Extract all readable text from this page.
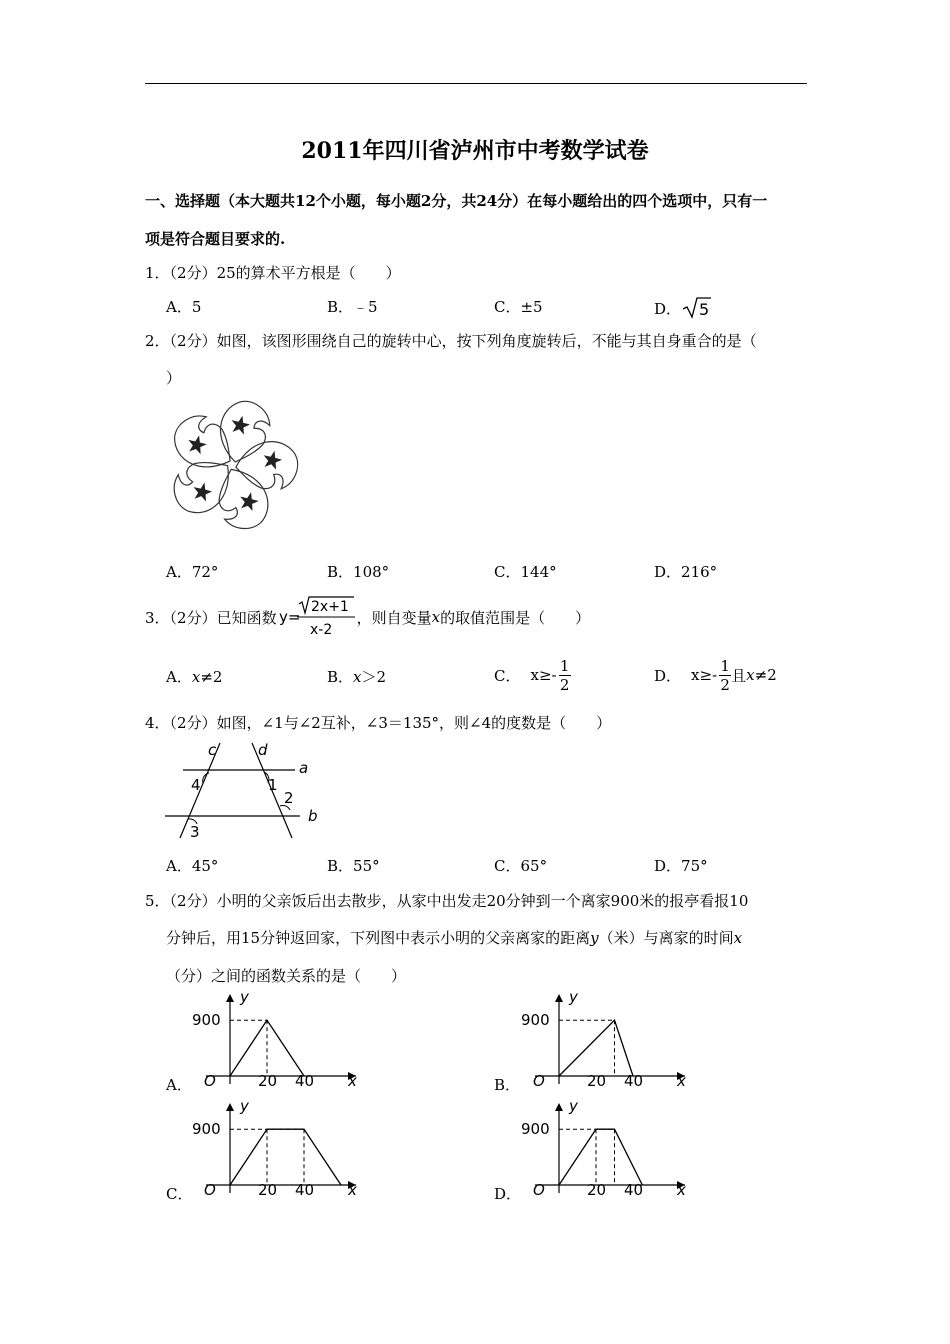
2011年四川省泸州市中考数学试卷
一、选择题（本大题共12个小题，每小题2分，共24分）在每小题给出的四个选项中，只有一
项是符合题目要求的.
1．（2分）25的算术平方根是（　　）
A．5	B．﹣5	C．±5	D． 5
2．（2分）如图，该图形围绕自己的旋转中心，按下列角度旋转后，不能与其自身重合的是（
）
A．72°	B．108°	C．144°	D．216°
3．（2分）已知函数 y=
2x+1
x-2
，则自变量 x 的取值范围是（　　）
A．x≠2	B．x＞2	C． x ≥-
1
2	D． x ≥-
1
2 且 x ≠2
4．（2分）如图，∠1与∠2互补，∠3＝135°，则∠4的度数是（　　）
c	d
a
b
4	1
2
3
A．45°	B．55°	C．65°	D．75°
5．（2分）小明的父亲饭后出去散步，从家中出发走20分钟到一个离家900米的报亭看报10
分钟后，用15分钟返回家，下列图中表示小明的父亲离家的距离y（米）与离家的时间x
（分）之间的函数关系的是（　　）
A．	B．
C．	D．
y
x
O
900
20 40
y
x
O
900
20 40
y
x
O
900
20 40
y
x
O
900
20 40
